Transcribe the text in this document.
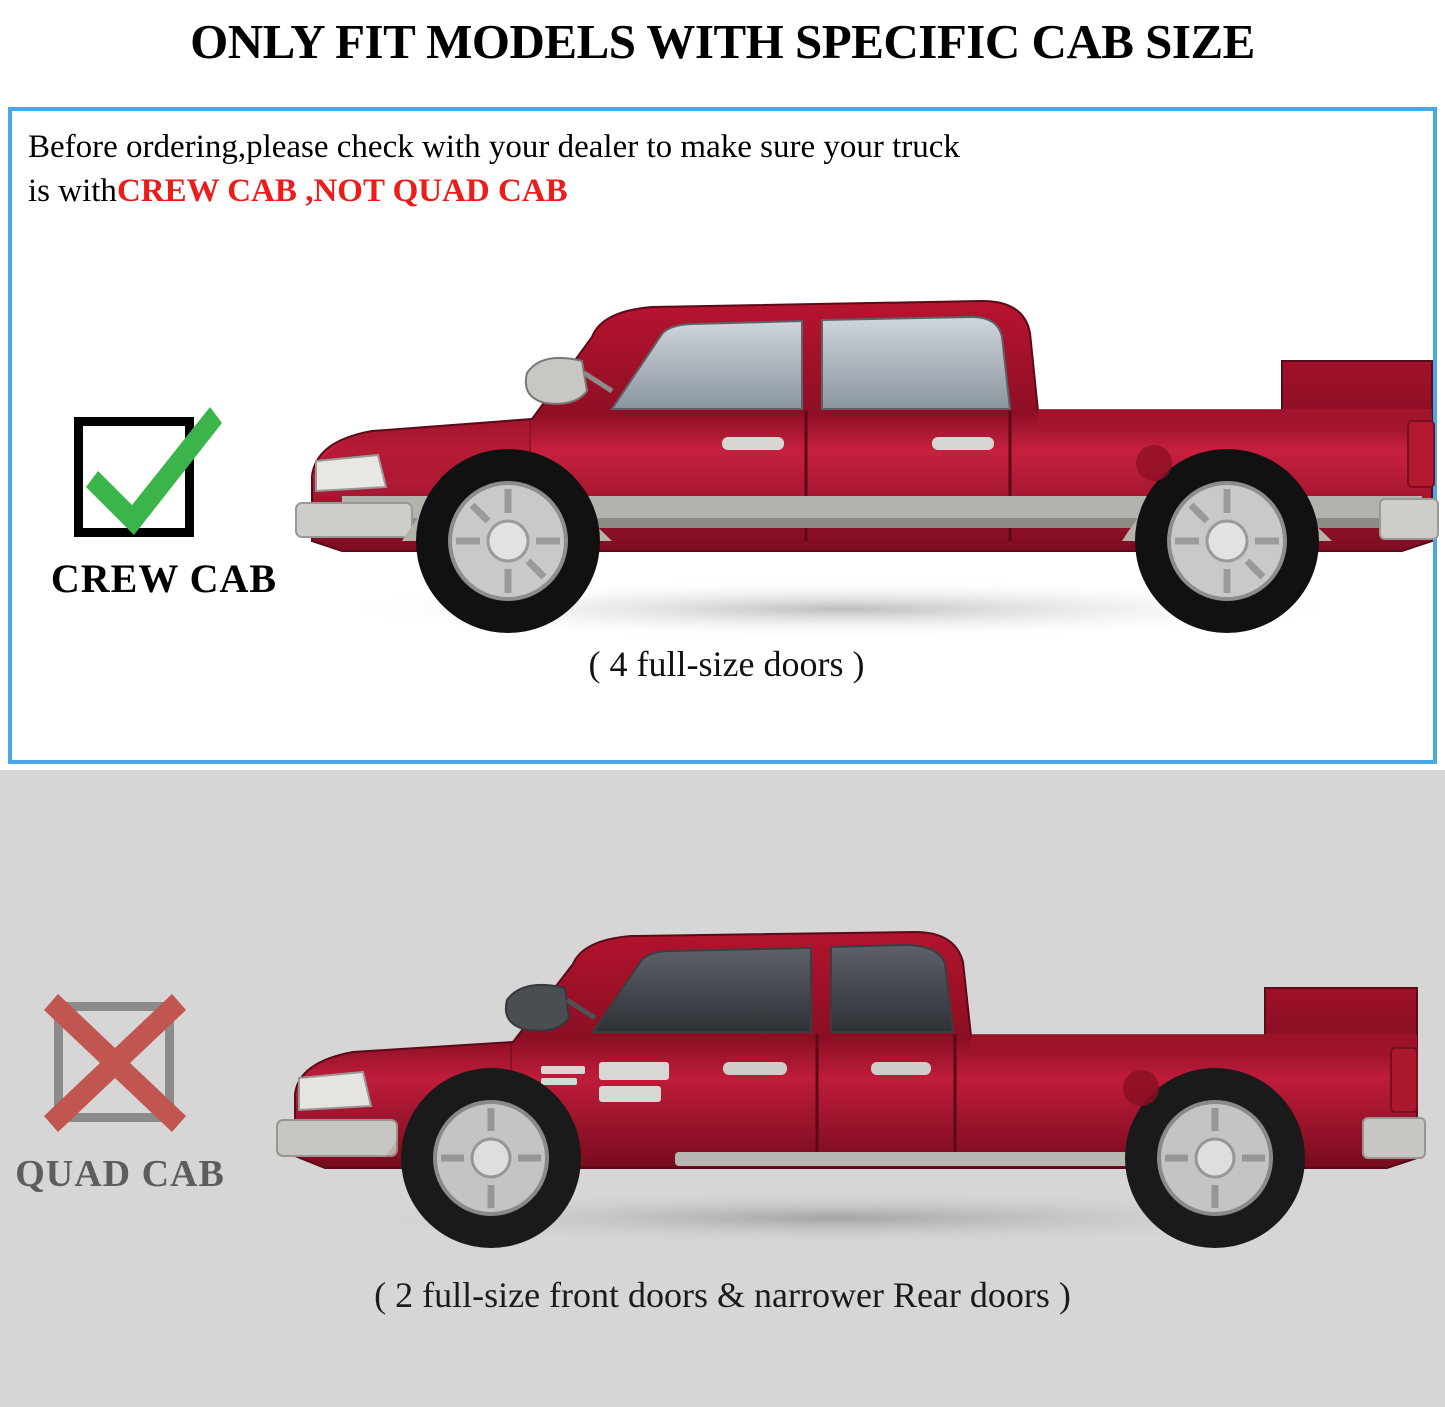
ONLY FIT MODELS WITH SPECIFIC CAB SIZE
Before ordering,please check with your dealer to make sure your truck
is withCREW CAB ,NOT QUAD CAB
CREW CAB
( 4 full-size doors )
QUAD CAB
( 2 full-size front doors & narrower Rear doors )
